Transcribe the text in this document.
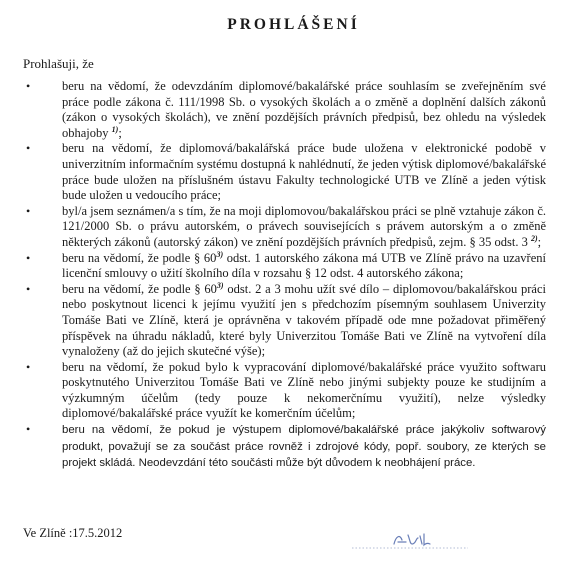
PROHLÁŠENÍ
Prohlašuji, že
•	beru na vědomí, že odevzdáním diplomové/bakalářské práce souhlasím se zveřejněním své práce podle zákona č. 111/1998 Sb. o vysokých školách a o změně a doplnění dalších zákonů (zákon o vysokých školách), ve znění pozdějších právních předpisů, bez ohledu na výsledek obhajoby $^{1)}$;
•	beru na vědomí, že diplomová/bakalářská práce bude uložena v elektronické podobě v univerzitním informačním systému dostupná k nahlédnutí, že jeden výtisk diplomové/bakalářské práce bude uložen na příslušném ústavu Fakulty technologické UTB ve Zlíně a jeden výtisk bude uložen u vedoucího práce;
•	byl/a jsem seznámen/a s tím, že na moji diplomovou/bakalářskou práci se plně vztahuje zákon č. 121/2000 Sb. o právu autorském, o právech souvisejících s právem autorským a o změně některých zákonů (autorský zákon) ve znění pozdějších právních předpisů, zejm. § 35 odst. 3 $^{2)}$;
•	beru na vědomí, že podle § 60$^{3)}$ odst. 1 autorského zákona má UTB ve Zlíně právo na uzavření licenční smlouvy o užití školního díla v rozsahu § 12 odst. 4 autorského zákona;
•	beru na vědomí, že podle § 60$^{3)}$ odst. 2 a 3 mohu užít své dílo – diplomovou/bakalářskou práci nebo poskytnout licenci k jejímu využití jen s předchozím písemným souhlasem Univerzity Tomáše Bati ve Zlíně, která je oprávněna v takovém případě ode mne požadovat přiměřený příspěvek na úhradu nákladů, které byly Univerzitou Tomáše Bati ve Zlíně na vytvoření díla vynaloženy (až do jejich skutečné výše);
•	beru na vědomí, že pokud bylo k vypracování diplomové/bakalářské práce využito softwaru poskytnutého Univerzitou Tomáše Bati ve Zlíně nebo jinými subjekty pouze ke studijním a výzkumným účelům (tedy pouze k nekomerčnímu využití), nelze výsledky diplomové/bakalářské práce využít ke komerčním účelům;
•	beru na vědomí, že pokud je výstupem diplomové/bakalářské práce jakýkoliv softwarový produkt, považují se za součást práce rovněž i zdrojové kódy, popř. soubory, ze kterých se projekt skládá. Neodevzdání této součásti může být důvodem k neobhájení práce.
Ve Zlíně :17.5.2012
